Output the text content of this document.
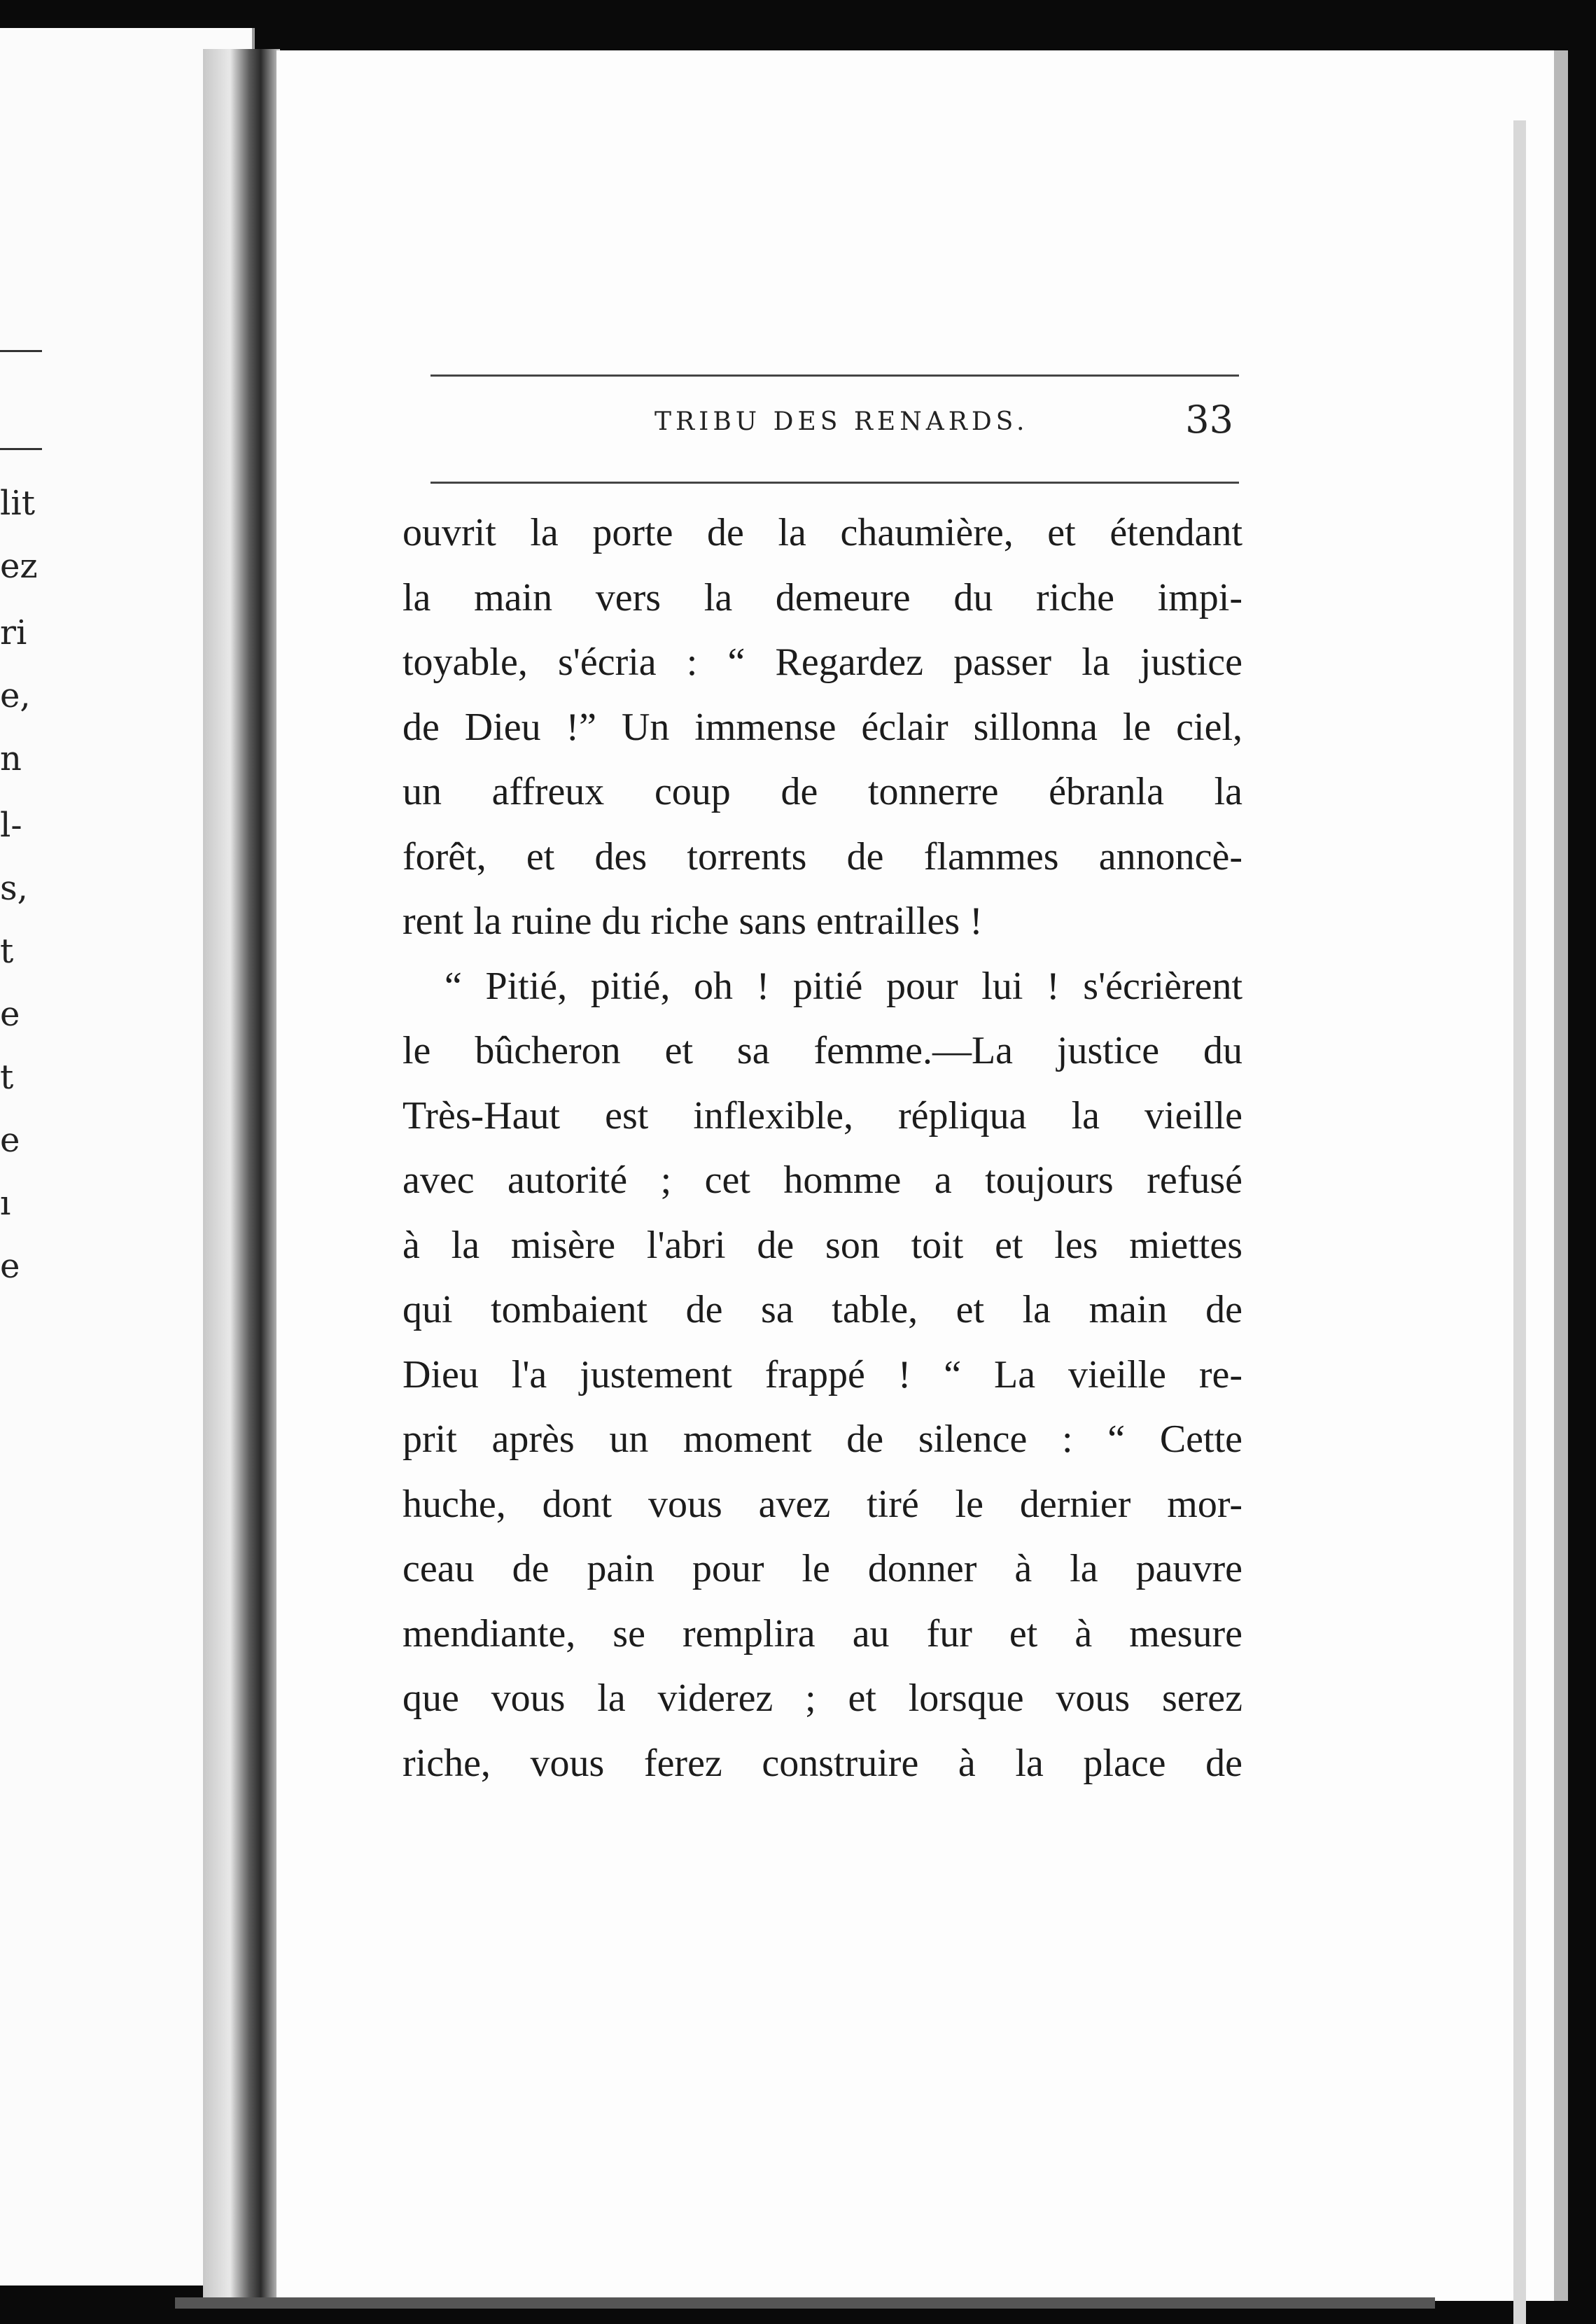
lit
ez
ri
e,
n
l-
s,
t
e
t
e
ı
e
TRIBU DES RENARDS.	33
ouvrit la porte de la chaumière, et étendant
la main vers la demeure du riche impi-
toyable, s'écria : “ Regardez passer la justice
de Dieu !” Un immense éclair sillonna le ciel,
un affreux coup de tonnerre ébranla la
forêt, et des torrents de flammes annoncè-
rent la ruine du riche sans entrailles !
“ Pitié, pitié, oh ! pitié pour lui ! s'écrièrent
le bûcheron et sa femme.—La justice du
Très-Haut est inflexible, répliqua la vieille
avec autorité ; cet homme a toujours refusé
à la misère l'abri de son toit et les miettes
qui tombaient de sa table, et la main de
Dieu l'a justement frappé ! “ La vieille re-
prit après un moment de silence : “ Cette
huche, dont vous avez tiré le dernier mor-
ceau de pain pour le donner à la pauvre
mendiante, se remplira au fur et à mesure
que vous la viderez ; et lorsque vous serez
riche, vous ferez construire à la place de
